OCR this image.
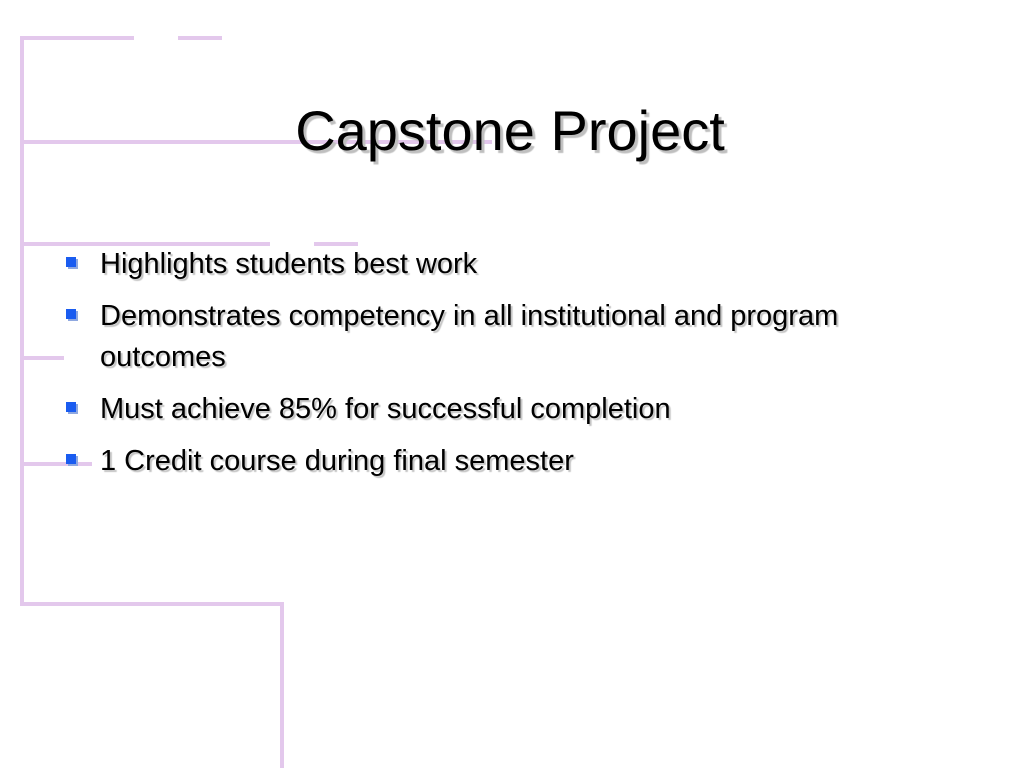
Capstone Project
Highlights students best work
Demonstrates competency in all institutional and program outcomes
Must achieve 85% for successful completion
1 Credit course during final semester
